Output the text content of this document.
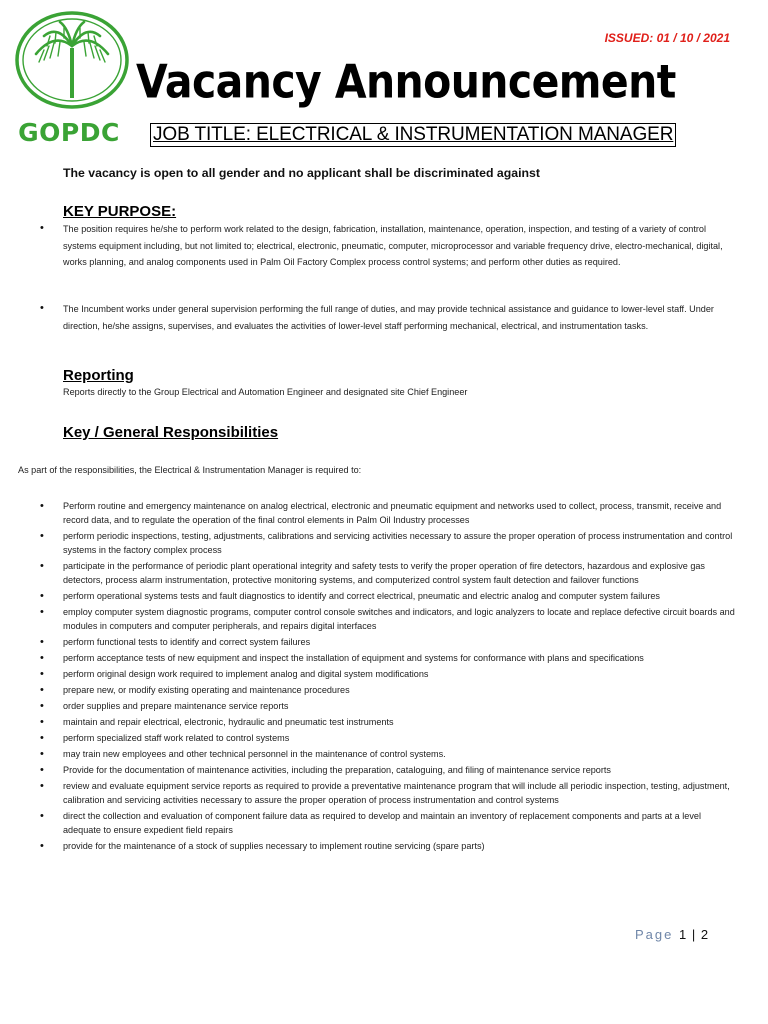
GOPDC
ISSUED: 01 / 10 / 2021
Vacancy Announcement
JOB TITLE: ELECTRICAL & INSTRUMENTATION MANAGER
The vacancy is open to all gender and no applicant shall be discriminated against
KEY PURPOSE:
• The position requires he/she to perform work related to the design, fabrication, installation, maintenance, operation, inspection, and testing of a variety of control systems equipment including, but not limited to; electrical, electronic, pneumatic, computer, microprocessor and variable frequency drive, electro-mechanical, digital, works planning, and analog components used in Palm Oil Factory Complex process control systems; and perform other duties as required.

• The Incumbent works under general supervision performing the full range of duties, and may provide technical assistance and guidance to lower-level staff. Under direction, he/she assigns, supervises, and evaluates the activities of lower-level staff performing mechanical, electrical, and instrumentation tasks.

Reporting

Reports directly to the Group Electrical and Automation Engineer and designated site Chief Engineer

Key / General Responsibilities

As part of the responsibilities, the Electrical & Instrumentation Manager is required to:

• Perform routine and emergency maintenance on analog electrical, electronic and pneumatic equipment and networks used to collect, process, transmit, receive and record data, and to regulate the operation of the final control elements in Palm Oil Industry processes
• perform periodic inspections, testing, adjustments, calibrations and servicing activities necessary to assure the proper operation of process instrumentation and control systems in the factory complex process
• participate in the performance of periodic plant operational integrity and safety tests to verify the proper operation of fire detectors, hazardous and explosive gas detectors, process alarm instrumentation, protective monitoring systems, and computerized control system fault detection and failover functions
• perform operational systems tests and fault diagnostics to identify and correct electrical, pneumatic and electric analog and computer system failures
• employ computer system diagnostic programs, computer control console switches and indicators, and logic analyzers to locate and replace defective circuit boards and modules in computers and computer peripherals, and repairs digital interfaces
• perform functional tests to identify and correct system failures
• perform acceptance tests of new equipment and inspect the installation of equipment and systems for conformance with plans and specifications
• perform original design work required to implement analog and digital system modifications
• prepare new, or modify existing operating and maintenance procedures
• order supplies and prepare maintenance service reports
• maintain and repair electrical, electronic, hydraulic and pneumatic test instruments
• perform specialized staff work related to control systems
• may train new employees and other technical personnel in the maintenance of control systems.
• Provide for the documentation of maintenance activities, including the preparation, cataloguing, and filing of maintenance service reports
• review and evaluate equipment service reports as required to provide a preventative maintenance program that will include all periodic inspection, testing, adjustment, calibration and servicing activities necessary to assure the proper operation of process instrumentation and control systems
• direct the collection and evaluation of component failure data as required to develop and maintain an inventory of replacement components and parts at a level adequate to ensure expedient field repairs
• provide for the maintenance of a stock of supplies necessary to implement routine servicing (spare parts)
Page 1 | 2
